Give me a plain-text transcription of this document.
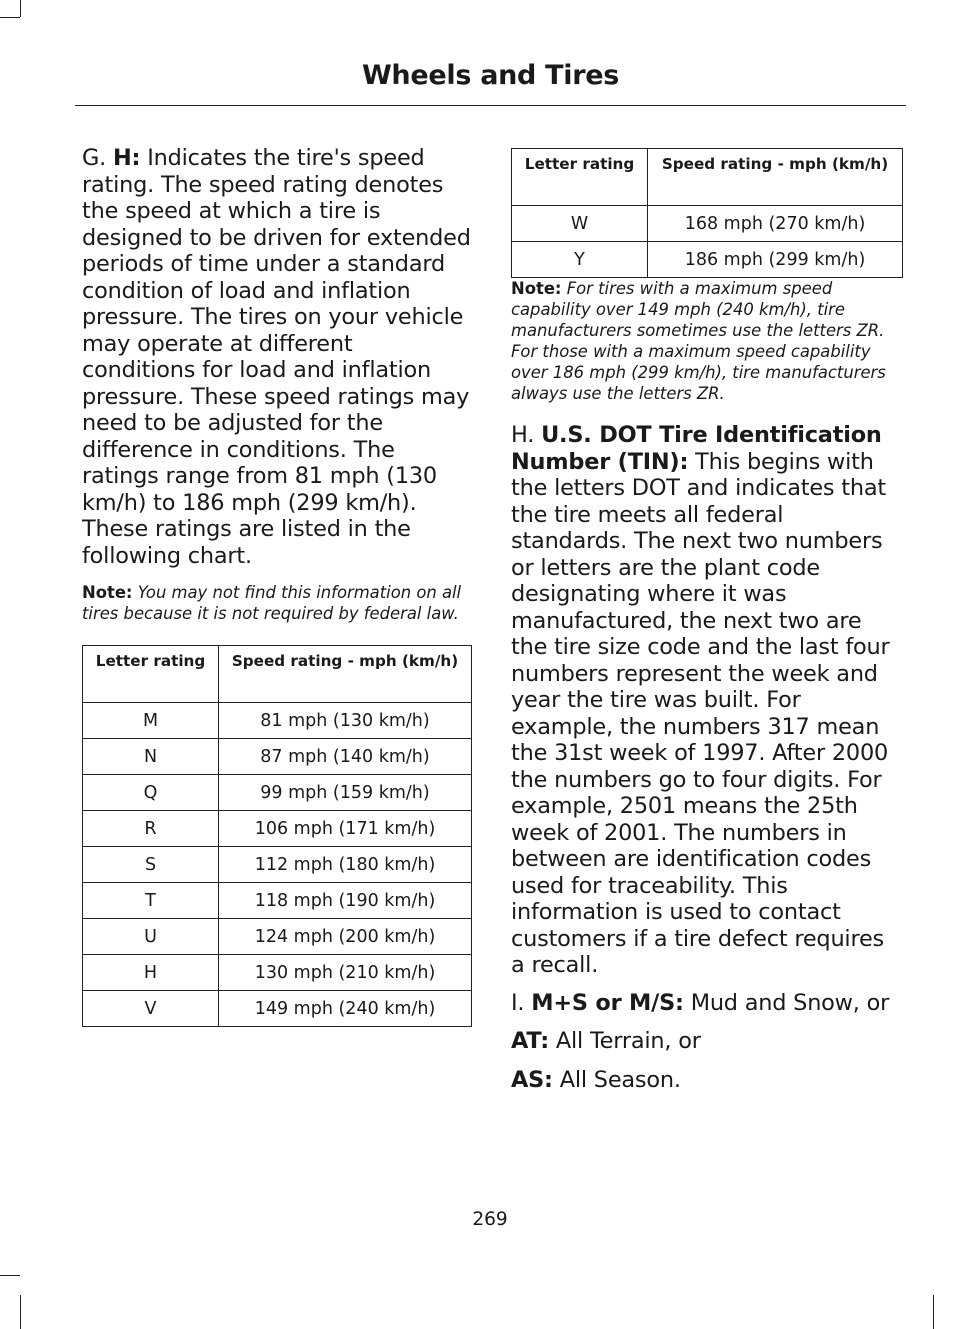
Wheels and Tires

G. H: Indicates the tire's speed rating. The speed rating denotes the speed at which a tire is designed to be driven for extended periods of time under a standard condition of load and inflation pressure. The tires on your vehicle may operate at different conditions for load and inflation pressure. These speed ratings may need to be adjusted for the difference in conditions. The ratings range from 81 mph (130 km/h) to 186 mph (299 km/h). These ratings are listed in the following chart.

Note: You may not find this information on all tires because it is not required by federal law.

Letter rating	Speed rating - mph (km/h)
M	81 mph (130 km/h)
N	87 mph (140 km/h)
Q	99 mph (159 km/h)
R	106 mph (171 km/h)
S	112 mph (180 km/h)
T	118 mph (190 km/h)
U	124 mph (200 km/h)
H	130 mph (210 km/h)
V	149 mph (240 km/h)
Letter rating	Speed rating - mph (km/h)
W	168 mph (270 km/h)
Y	186 mph (299 km/h)

Note: For tires with a maximum speed capability over 149 mph (240 km/h), tire manufacturers sometimes use the letters ZR. For those with a maximum speed capability over 186 mph (299 km/h), tire manufacturers always use the letters ZR.

H. U.S. DOT Tire Identification Number (TIN): This begins with the letters DOT and indicates that the tire meets all federal standards. The next two numbers or letters are the plant code designating where it was manufactured, the next two are the tire size code and the last four numbers represent the week and year the tire was built. For example, the numbers 317 mean the 31st week of 1997. After 2000 the numbers go to four digits. For example, 2501 means the 25th week of 2001. The numbers in between are identification codes used for traceability. This information is used to contact customers if a tire defect requires a recall.

I. M+S or M/S: Mud and Snow, or

AT: All Terrain, or

AS: All Season.

269
